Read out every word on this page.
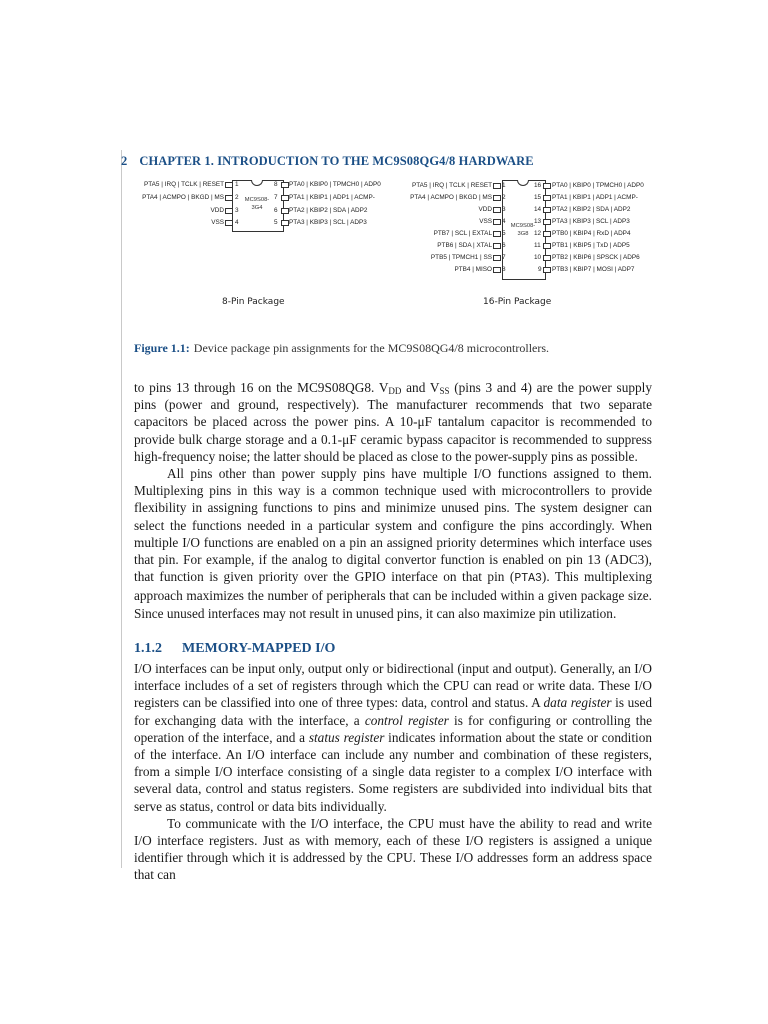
2 CHAPTER 1. INTRODUCTION TO THE MC9S08QG4/8 HARDWARE
MC9S08-
3G4
PTA5 | IRQ | TCLK | RESET
PTA4 | ACMPO | BKGD | MS
VDD
VSS
1
2
3
4
8
7
6
5
PTA0 | KBIP0 | TPMCH0 | ADP0
PTA1 | KBIP1 | ADP1 | ACMP-
PTA2 | KBIP2 | SDA | ADP2
PTA3 | KBIP3 | SCL | ADP3
8-Pin Package
MC9S08-
3G8
PTA5 | IRQ | TCLK | RESET
PTA4 | ACMPO | BKGD | MS
VDD
VSS
PTB7 | SCL | EXTAL
PTB6 | SDA | XTAL
PTB5 | TPMCH1 | SS
PTB4 | MISO
1
2
3
4
5
6
7
8
16
15
14
13
12
11
10
9
PTA0 | KBIP0 | TPMCH0 | ADP0
PTA1 | KBIP1 | ADP1 | ACMP-
PTA2 | KBIP2 | SDA | ADP2
PTA3 | KBIP3 | SCL | ADP3
PTB0 | KBIP4 | RxD | ADP4
PTB1 | KBIP5 | TxD | ADP5
PTB2 | KBIP6 | SPSCK | ADP6
PTB3 | KBIP7 | MOSI | ADP7
16-Pin Package
Figure 1.1: Device package pin assignments for the MC9S08QG4/8 microcontrollers.

to pins 13 through 16 on the MC9S08QG8. $V_{DD}$ and $V_{SS}$ (pins 3 and 4) are the power supply pins (power and ground, respectively). The manufacturer recommends that two separate capacitors be placed across the power pins. A 10-μF tantalum capacitor is recommended to provide bulk charge storage and a 0.1-μF ceramic bypass capacitor is recommended to suppress high-frequency noise; the latter should be placed as close to the power-supply pins as possible.

All pins other than power supply pins have multiple I/O functions assigned to them. Multiplexing pins in this way is a common technique used with microcontrollers to provide flexibility in assigning functions to pins and minimize unused pins. The system designer can select the functions needed in a particular system and configure the pins accordingly. When multiple I/O functions are enabled on a pin an assigned priority determines which interface uses that pin. For example, if the analog to digital convertor function is enabled on pin 13 (ADC3), that function is given priority over the GPIO interface on that pin (PTA3). This multiplexing approach maximizes the number of peripherals that can be included within a given package size. Since unused interfaces may not result in unused pins, it can also maximize pin utilization.

1.1.2 MEMORY-MAPPED I/O

I/O interfaces can be input only, output only or bidirectional (input and output). Generally, an I/O interface includes of a set of registers through which the CPU can read or write data. These I/O registers can be classified into one of three types: data, control and status. A data register is used for exchanging data with the interface, a control register is for configuring or controlling the operation of the interface, and a status register indicates information about the state or condition of the interface. An I/O interface can include any number and combination of these registers, from a simple I/O interface consisting of a single data register to a complex I/O interface with several data, control and status registers. Some registers are subdivided into individual bits that serve as status, control or data bits individually.

To communicate with the I/O interface, the CPU must have the ability to read and write I/O interface registers. Just as with memory, each of these I/O registers is assigned a unique identifier through which it is addressed by the CPU. These I/O addresses form an address space that can
